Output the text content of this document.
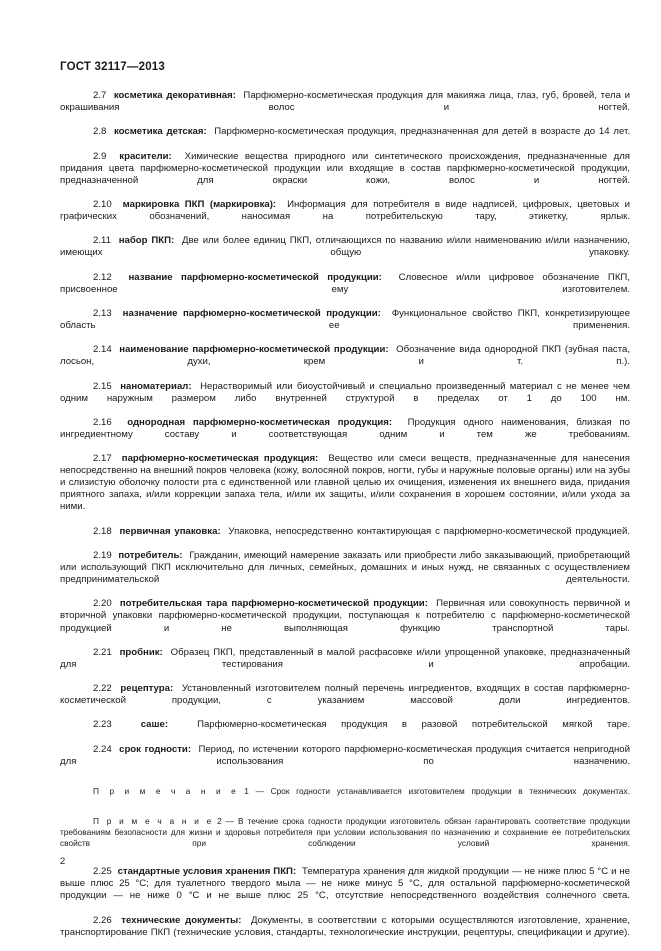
ГОСТ 32117—2013

2.7 косметика декоративная: Парфюмерно-косметическая продукция для макияжа лица, глаз, губ, бровей, тела и окрашивания волос и ногтей.

2.8 косметика детская: Парфюмерно-косметическая продукция, предназначенная для детей в возрасте до 14 лет.

2.9 красители: Химические вещества природного или синтетического происхождения, предназначенные для придания цвета парфюмерно-косметической продукции или входящие в состав парфюмерно-косметической продукции, предназначенной для окраски кожи, волос и ногтей.

2.10 маркировка ПКП (маркировка): Информация для потребителя в виде надписей, цифровых, цветовых и графических обозначений, наносимая на потребительскую тару, этикетку, ярлык.

2.11 набор ПКП: Две или более единиц ПКП, отличающихся по названию и/или наименованию и/или назначению, имеющих общую упаковку.

2.12 название парфюмерно-косметической продукции: Словесное и/или цифровое обозначение ПКП, присвоенное ему изготовителем.

2.13 назначение парфюмерно-косметической продукции: Функциональное свойство ПКП, конкретизирующее область ее применения.

2.14 наименование парфюмерно-косметической продукции: Обозначение вида однородной ПКП (зубная паста, лосьон, духи, крем и т. п.).

2.15 наноматериал: Нерастворимый или биоустойчивый и специально произведенный материал с не менее чем одним наружным размером либо внутренней структурой в пределах от 1 до 100 нм.

2.16 однородная парфюмерно-косметическая продукция: Продукция одного наименования, близкая по ингредиентному составу и соответствующая одним и тем же требованиям.

2.17 парфюмерно-косметическая продукция: Вещество или смеси веществ, предназначенные для нанесения непосредственно на внешний покров человека (кожу, волосяной покров, ногти, губы и наружные половые органы) или на зубы и слизистую оболочку полости рта с единственной или главной целью их очищения, изменения их внешнего вида, придания приятного запаха, и/или коррекции запаха тела, и/или их защиты, и/или сохранения в хорошем состоянии, и/или ухода за ними.

2.18 первичная упаковка: Упаковка, непосредственно контактирующая с парфюмерно-косметической продукцией.

2.19 потребитель: Гражданин, имеющий намерение заказать или приобрести либо заказывающий, приобретающий или использующий ПКП исключительно для личных, семейных, домашних и иных нужд, не связанных с осуществлением предпринимательской деятельности.

2.20 потребительская тара парфюмерно-косметической продукции: Первичная или совокупность первичной и вторичной упаковки парфюмерно-косметической продукции, поступающая к потребителю с парфюмерно-косметической продукцией и не выполняющая функцию транспортной тары.

2.21 пробник: Образец ПКП, представленный в малой расфасовке и/или упрощенной упаковке, предназначенный для тестирования и апробации.

2.22 рецептура: Установленный изготовителем полный перечень ингредиентов, входящих в состав парфюмерно-косметической продукции, с указанием массовой доли ингредиентов.

2.23	саше:	Парфюмерно-косметическая продукция в разовой потребительской мягкой таре.

2.24 срок годности: Период, по истечении которого парфюмерно-косметическая продукция считается непригодной для использования по назначению.

П р и м е ч а н и е 1 — Срок годности устанавливается изготовителем продукции в технических документах.

П р и м е ч а н и е 2 — В течение срока годности продукции изготовитель обязан гарантировать соответствие продукции требованиям безопасности для жизни и здоровья потребителя при условии использования по назначению и сохранение ее потребительских свойств при соблюдении условий хранения.

2.25 стандартные условия хранения ПКП: Температура хранения для жидкой продукции — не ниже плюс 5 °С и не выше плюс 25 °С; для туалетного твердого мыла — не ниже минус 5 °С, для остальной парфюмерно-косметической продукции — не ниже 0 °С и не выше плюс 25 °С, отсутствие непосредственного воздействия солнечного света.

2.26 технические документы: Документы, в соответствии с которыми осуществляются изготовление, хранение, транспортирование ПКП (технические условия, стандарты, технологические инструкции, рецептуры, спецификации и другие).

2
